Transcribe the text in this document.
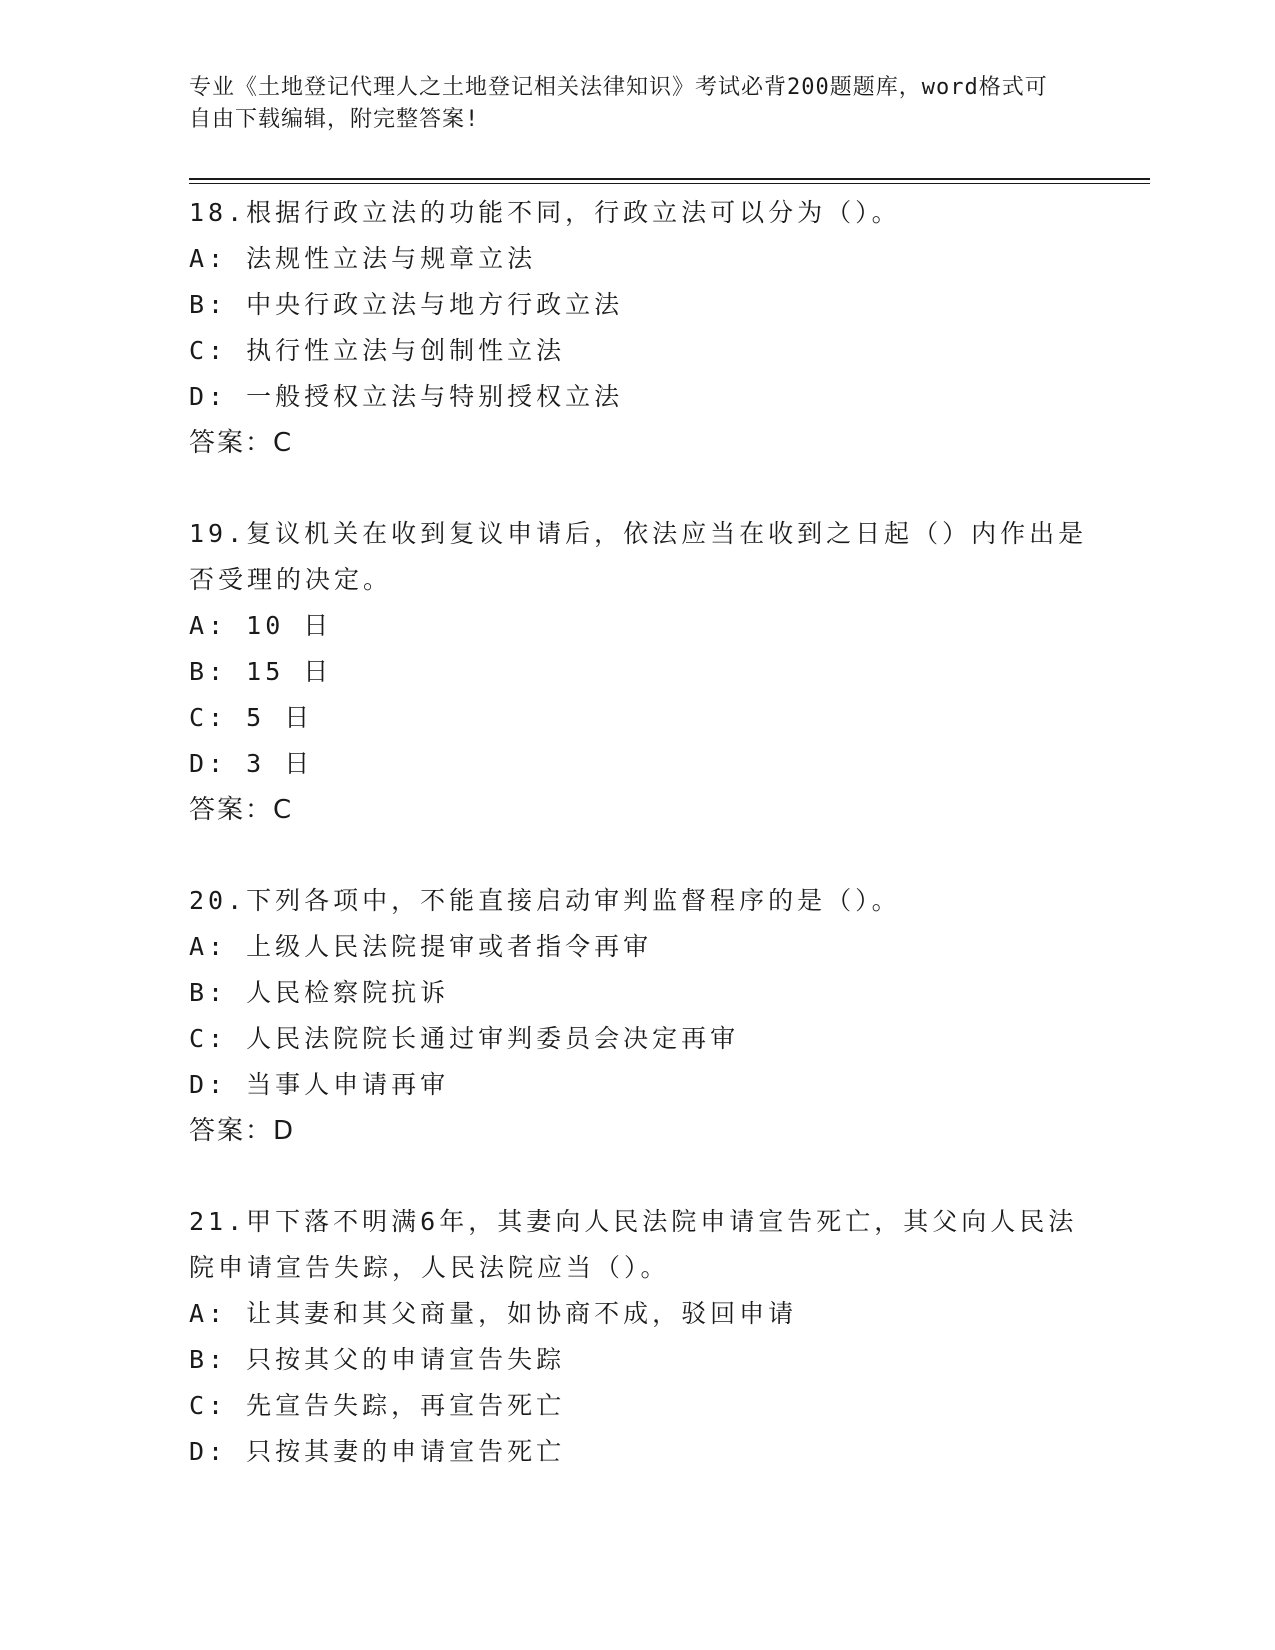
专业《土地登记代理人之土地登记相关法律知识》考试必背200题题库，word格式可自由下载编辑，附完整答案!
18.根据行政立法的功能不同，行政立法可以分为（）。
A: 法规性立法与规章立法
B: 中央行政立法与地方行政立法
C: 执行性立法与创制性立法
D: 一般授权立法与特别授权立法
答案：C
19.复议机关在收到复议申请后，依法应当在收到之日起（）内作出是否受理的决定。
A: 10 日
B: 15 日
C: 5 日
D: 3 日
答案：C
20.下列各项中，不能直接启动审判监督程序的是（）。
A: 上级人民法院提审或者指令再审
B: 人民检察院抗诉
C: 人民法院院长通过审判委员会决定再审
D: 当事人申请再审
答案：D
21.甲下落不明满6年，其妻向人民法院申请宣告死亡，其父向人民法院申请宣告失踪，人民法院应当（）。
A: 让其妻和其父商量，如协商不成，驳回申请
B: 只按其父的申请宣告失踪
C: 先宣告失踪，再宣告死亡
D: 只按其妻的申请宣告死亡
